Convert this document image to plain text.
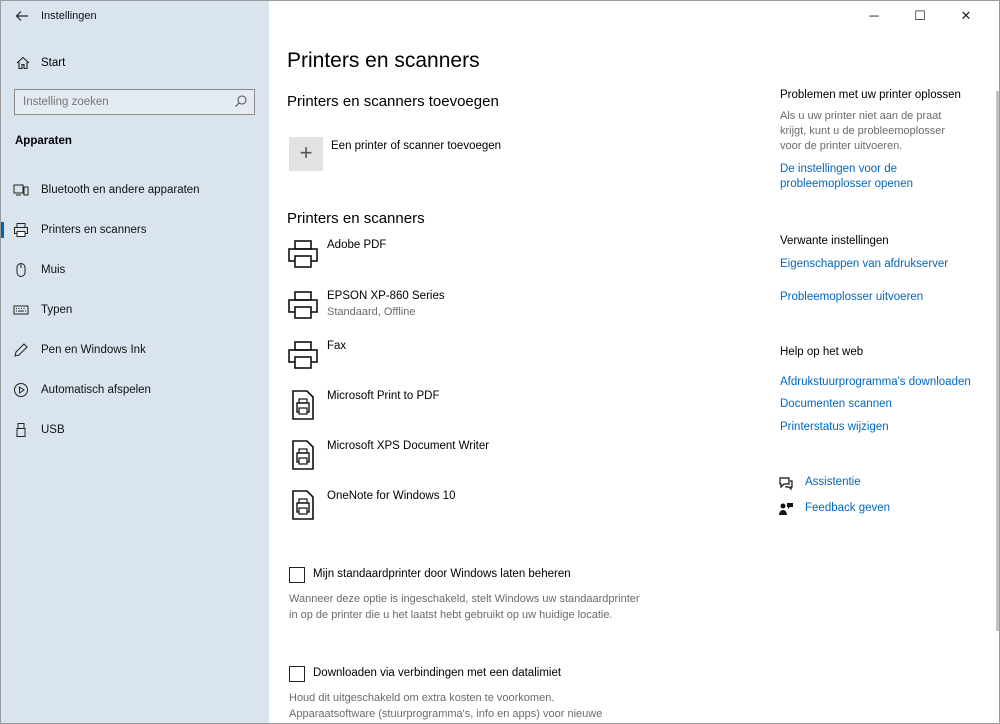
Instellingen
Start
Instelling zoeken
Apparaten
Bluetooth en andere apparaten
Printers en scanners
Muis
Typen
Pen en Windows Ink
Automatisch afspelen
USB
─	☐	✕
Printers en scanners
Printers en scanners toevoegen
+	Een printer of scanner toevoegen
Printers en scanners
Adobe PDF
EPSON XP-860 Series
Standaard, Offline
Fax
Microsoft Print to PDF
Microsoft XPS Document Writer
OneNote for Windows 10
Mijn standaardprinter door Windows laten beheren
Wanneer deze optie is ingeschakeld, stelt Windows uw standaardprinter
in op de printer die u het laatst hebt gebruikt op uw huidige locatie.
Downloaden via verbindingen met een datalimiet
Houd dit uitgeschakeld om extra kosten te voorkomen.
Apparaatsoftware (stuurprogramma's, info en apps) voor nieuwe
Problemen met uw printer oplossen
Als u uw printer niet aan de praat
krijgt, kunt u de probleemoplosser
voor de printer uitvoeren.
De instellingen voor de
probleemoplosser openen
Verwante instellingen
Eigenschappen van afdrukserver
Probleemoplosser uitvoeren
Help op het web
Afdrukstuurprogramma's downloaden
Documenten scannen
Printerstatus wijzigen
Assistentie
Feedback geven
